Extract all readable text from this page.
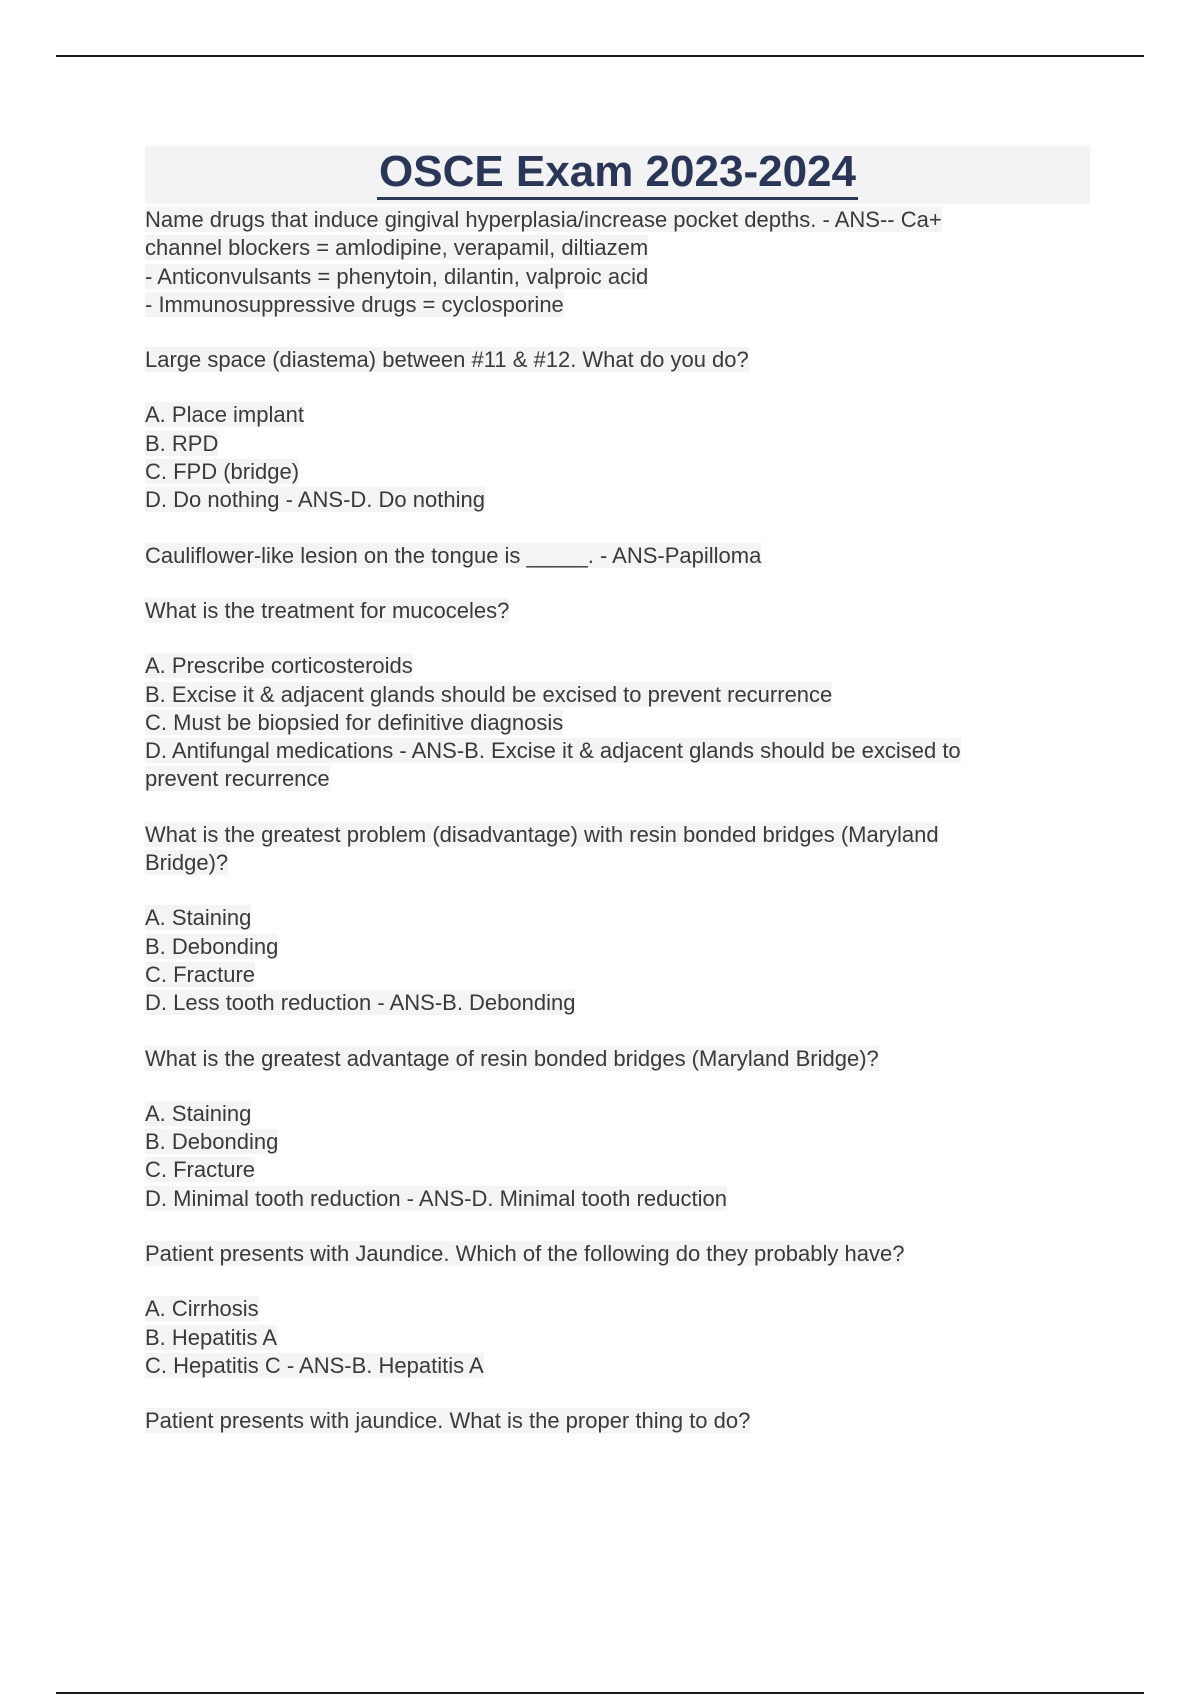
OSCE Exam 2023-2024
Name drugs that induce gingival hyperplasia/increase pocket depths. - ANS-- Ca+
channel blockers = amlodipine, verapamil, diltiazem
- Anticonvulsants = phenytoin, dilantin, valproic acid
- Immunosuppressive drugs = cyclosporine
Large space (diastema) between #11 & #12. What do you do?
A. Place implant
B. RPD
C. FPD (bridge)
D. Do nothing - ANS-D. Do nothing
Cauliflower-like lesion on the tongue is _____. - ANS-Papilloma
What is the treatment for mucoceles?
A. Prescribe corticosteroids
B. Excise it & adjacent glands should be excised to prevent recurrence
C. Must be biopsied for definitive diagnosis
D. Antifungal medications - ANS-B. Excise it & adjacent glands should be excised to
prevent recurrence
What is the greatest problem (disadvantage) with resin bonded bridges (Maryland
Bridge)?
A. Staining
B. Debonding
C. Fracture
D. Less tooth reduction - ANS-B. Debonding
What is the greatest advantage of resin bonded bridges (Maryland Bridge)?
A. Staining
B. Debonding
C. Fracture
D. Minimal tooth reduction - ANS-D. Minimal tooth reduction
Patient presents with Jaundice. Which of the following do they probably have?
A. Cirrhosis
B. Hepatitis A
C. Hepatitis C - ANS-B. Hepatitis A
Patient presents with jaundice. What is the proper thing to do?
